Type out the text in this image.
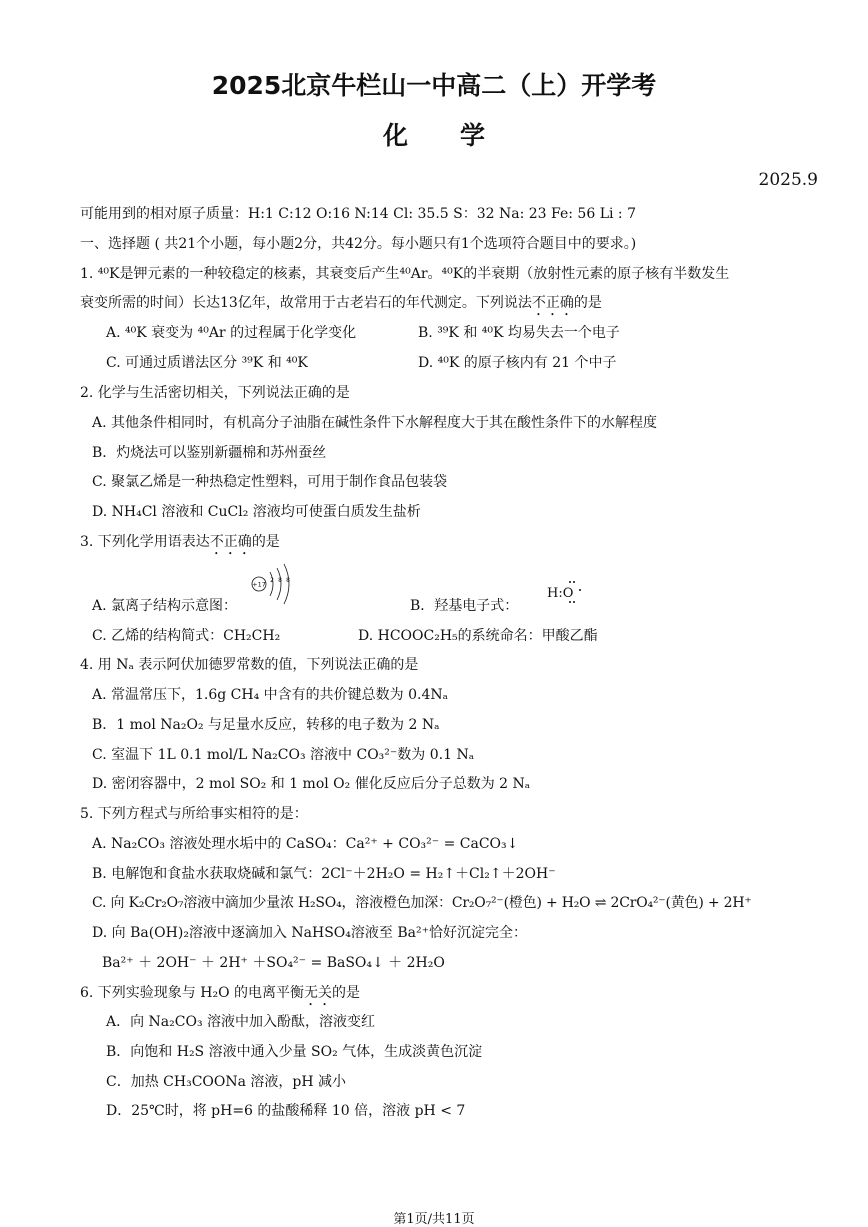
2025北京牛栏山一中高二（上）开学考
化学
2025.9
可能用到的相对原子质量：H:1 C:12 O:16 N:14 Cl: 35.5 S：32 Na: 23 Fe: 56 Li : 7
一、选择题 ( 共21个小题，每小题2分，共42分。每小题只有1个选项符合题目中的要求。)
1. ⁴⁰K是钾元素的一种较稳定的核素，其衰变后产生⁴⁰Ar。⁴⁰K的半衰期（放射性元素的原子核有半数发生
衰变所需的时间）长达13亿年，故常用于古老岩石的年代测定。下列说法不正确的是
A. ⁴⁰K 衰变为 ⁴⁰Ar 的过程属于化学变化	B. ³⁹K 和 ⁴⁰K 均易失去一个电子
C. 可通过质谱法区分 ³⁹K 和 ⁴⁰K	D. ⁴⁰K 的原子核内有 21 个中子
2. 化学与生活密切相关，下列说法正确的是
A. 其他条件相同时，有机高分子油脂在碱性条件下水解程度大于其在酸性条件下的水解程度
B．灼烧法可以鉴别新疆棉和苏州蚕丝
C. 聚氯乙烯是一种热稳定性塑料，可用于制作食品包装袋
D. NH₄Cl 溶液和 CuCl₂ 溶液均可使蛋白质发生盐析
3. 下列化学用语表达不正确的是
A. 氯离子结构示意图：
+17 2 8 8
B．羟基电子式：
H:O
C. 乙烯的结构简式：CH₂CH₂	D. HCOOC₂H₅的系统命名：甲酸乙酯
4. 用 Nₐ 表示阿伏加德罗常数的值，下列说法正确的是
A. 常温常压下，1.6g CH₄ 中含有的共价键总数为 0.4Nₐ
B．1 mol Na₂O₂ 与足量水反应，转移的电子数为 2 Nₐ
C. 室温下 1L 0.1 mol/L Na₂CO₃ 溶液中 CO₃²⁻数为 0.1 Nₐ
D. 密闭容器中，2 mol SO₂ 和 1 mol O₂ 催化反应后分子总数为 2 Nₐ
5. 下列方程式与所给事实相符的是：
A. Na₂CO₃ 溶液处理水垢中的 CaSO₄：Ca²⁺ + CO₃²⁻ = CaCO₃↓
B. 电解饱和食盐水获取烧碱和氯气：2Cl⁻＋2H₂O = H₂↑＋Cl₂↑＋2OH⁻
C. 向 K₂Cr₂O₇溶液中滴加少量浓 H₂SO₄，溶液橙色加深：Cr₂O₇²⁻(橙色) + H₂O ⇌ 2CrO₄²⁻(黄色) + 2H⁺
D. 向 Ba(OH)₂溶液中逐滴加入 NaHSO₄溶液至 Ba²⁺恰好沉淀完全：
Ba²⁺ ＋ 2OH⁻ ＋ 2H⁺ ＋SO₄²⁻ = BaSO₄↓ ＋ 2H₂O
6. 下列实验现象与 H₂O 的电离平衡无关的是
A．向 Na₂CO₃ 溶液中加入酚酞，溶液变红
B．向饱和 H₂S 溶液中通入少量 SO₂ 气体，生成淡黄色沉淀
C．加热 CH₃COONa 溶液，pH 减小
D．25℃时，将 pH=6 的盐酸稀释 10 倍，溶液 pH < 7
第1页/共11页
